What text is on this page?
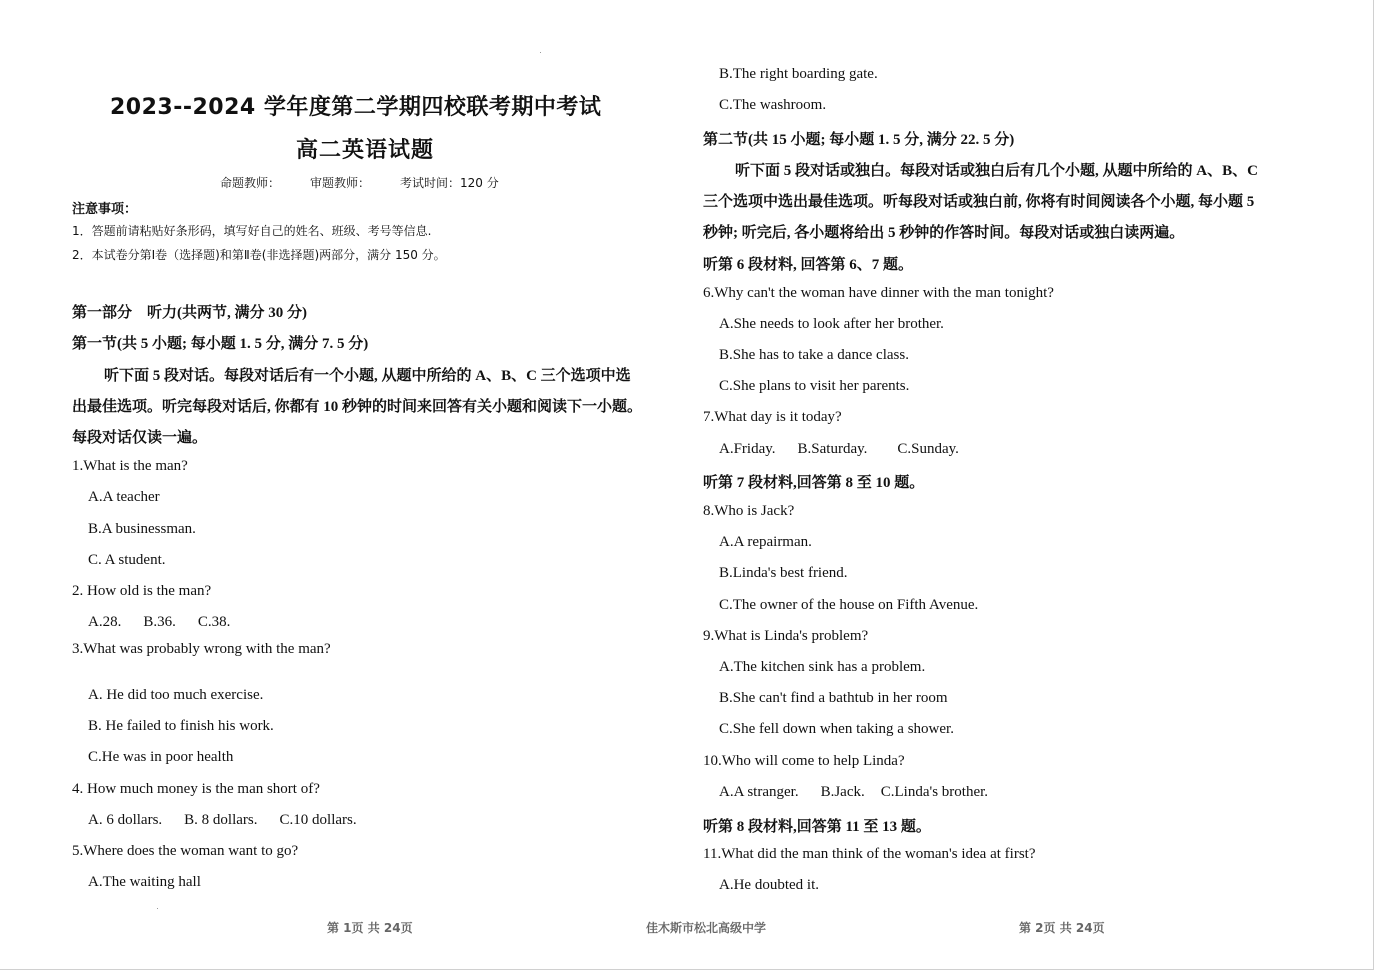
2023--2024 学年度第二学期四校联考期中考试
高二英语试题
命题教师：	审题教师：	考试时间：120 分
注意事项：
1．答题前请粘贴好条形码，填写好自己的姓名、班级、考号等信息.
2．本试卷分第Ⅰ卷（选择题)和第Ⅱ卷(非选择题)两部分，满分 150 分。
第一部分　听力(共两节, 满分 30 分)
第一节(共 5 小题; 每小题 1. 5 分, 满分 7. 5 分)
听下面 5 段对话。每段对话后有一个小题, 从题中所给的 A、B、C 三个选项中选
出最佳选项。听完每段对话后, 你都有 10 秒钟的时间来回答有关小题和阅读下一小题。
每段对话仅读一遍。
1.What is the man?
A.A teacher
B.A businessman.
C. A student.
2. How old is the man?
A.28. B.36. C.38.
3.What was probably wrong with the man?
A. He did too much exercise.
B. He failed to finish his work.
C.He was in poor health
4. How much money is the man short of?
A. 6 dollars. B. 8 dollars. C.10 dollars.
5.Where does the woman want to go?
A.The waiting hall
B.The right boarding gate.
C.The washroom.
第二节(共 15 小题; 每小题 1. 5 分, 满分 22. 5 分)
听下面 5 段对话或独白。每段对话或独白后有几个小题, 从题中所给的 A、B、C
三个选项中选出最佳选项。听每段对话或独白前, 你将有时间阅读各个小题, 每小题 5
秒钟; 听完后, 各小题将给出 5 秒钟的作答时间。每段对话或独白读两遍。
听第 6 段材料, 回答第 6、7 题。
6.Why can't the woman have dinner with the man tonight?
A.She needs to look after her brother.
B.She has to take a dance class.
C.She plans to visit her parents.
7.What day is it today?
A.Friday. B.Saturday. C.Sunday.
听第 7 段材料,回答第 8 至 10 题。
8.Who is Jack?
A.A repairman.
B.Linda's best friend.
C.The owner of the house on Fifth Avenue.
9.What is Linda's problem?
A.The kitchen sink has a problem.
B.She can't find a bathtub in her room
C.She fell down when taking a shower.
10.Who will come to help Linda?
A.A stranger. B.Jack. C.Linda's brother.
听第 8 段材料,回答第 11 至 13 题。
11.What did the man think of the woman's idea at first?
A.He doubted it.
第 1页 共 24页	佳木斯市松北高级中学	第 2页 共 24页
